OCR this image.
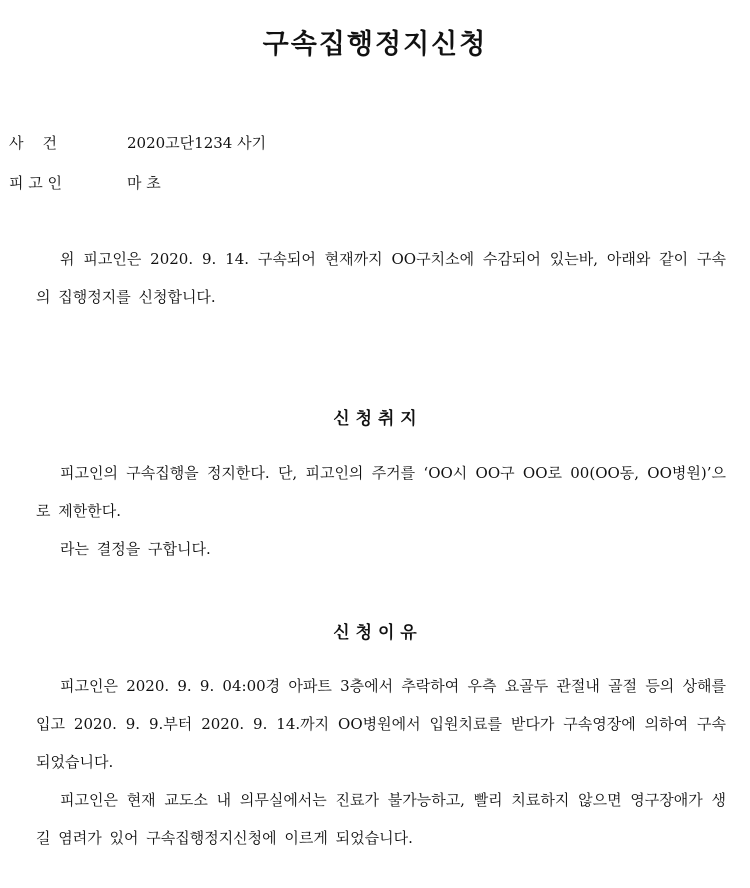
구속집행정지신청
사    건	2020고단1234 사기
피 고 인	마 초

위 피고인은 2020. 9. 14. 구속되어 현재까지 OO구치소에 수감되어 있는바, 아래와 같이 구속의 집행정지를 신청합니다.

신 청 취 지

피고인의 구속집행을 정지한다. 단, 피고인의 주거를 ‘OO시 OO구 OO로 00(OO동, OO병원)’으로 제한한다.

라는 결정을 구합니다.

신 청 이 유

피고인은 2020. 9. 9. 04:00경 아파트 3층에서 추락하여 우측 요골두 관절내 골절 등의 상해를 입고 2020. 9. 9.부터 2020. 9. 14.까지 OO병원에서 입원치료를 받다가 구속영장에 의하여 구속되었습니다.

피고인은 현재 교도소 내 의무실에서는 진료가 불가능하고, 빨리 치료하지 않으면 영구장애가 생길 염려가 있어 구속집행정지신청에 이르게 되었습니다.
